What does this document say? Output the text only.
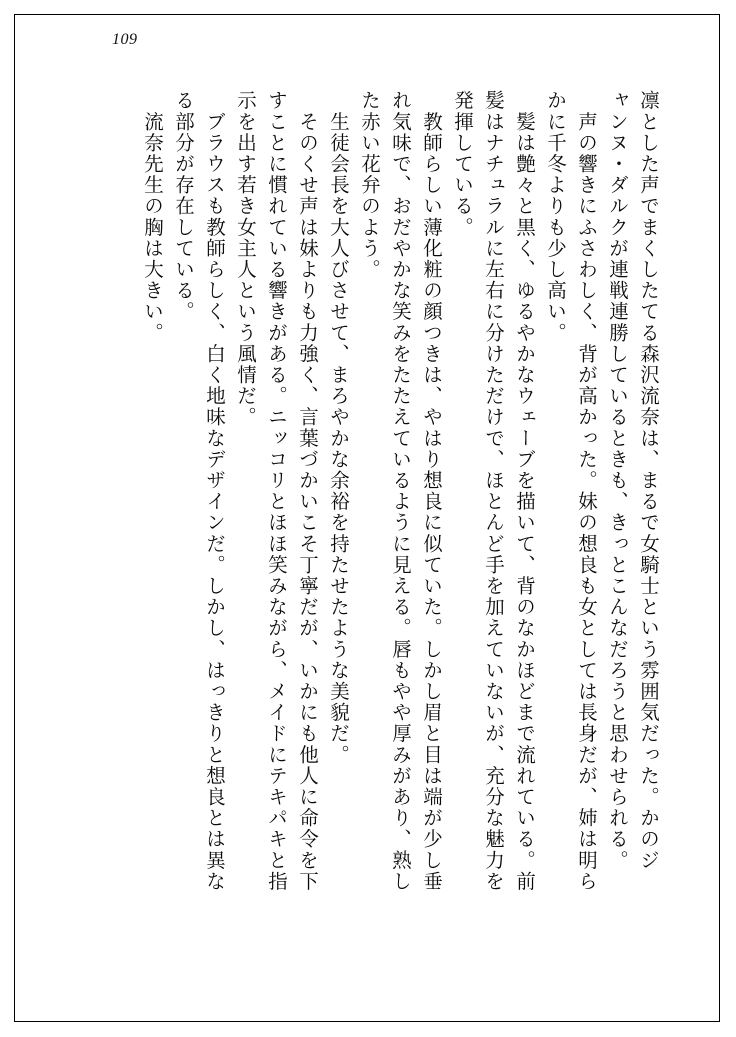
109
凛とした声でまくしたてる森沢流奈は、まるで女騎士という雰囲気だった。かのジ
ャンヌ・ダルクが連戦連勝しているときも、きっとこんなだろうと思わせられる。
　声の響きにふさわしく、背が高かった。妹の想良も女としては長身だが、姉は明ら
かに千冬よりも少し高い。
　髪は艶々と黒く、ゆるやかなウェーブを描いて、背のなかほどまで流れている。前
髪はナチュラルに左右に分けただけで、ほとんど手を加えていないが、充分な魅力を
発揮している。
　教師らしい薄化粧の顔つきは、やはり想良に似ていた。しかし眉と目は端が少し垂
れ気味で、おだやかな笑みをたたえているように見える。唇もやや厚みがあり、熟し
た赤い花弁のよう。
　生徒会長を大人びさせて、まろやかな余裕を持たせたような美貌だ。
　そのくせ声は妹よりも力強く、言葉づかいこそ丁寧だが、いかにも他人に命令を下
すことに慣れている響きがある。ニッコリとほほ笑みながら、メイドにテキパキと指
示を出す若き女主人という風情だ。
　ブラウスも教師らしく、白く地味なデザインだ。しかし、はっきりと想良とは異な
る部分が存在している。
　流奈先生の胸は大きい。
